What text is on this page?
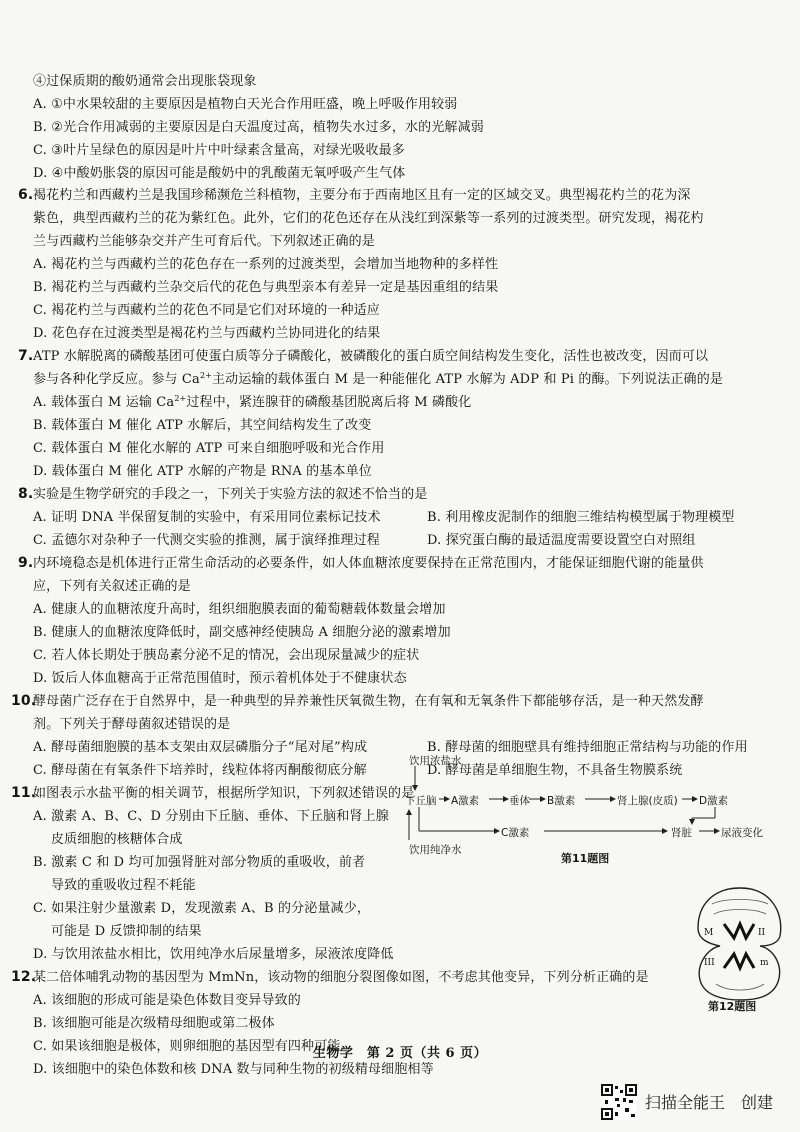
④过保质期的酸奶通常会出现胀袋现象
A. ①中水果较甜的主要原因是植物白天光合作用旺盛，晚上呼吸作用较弱
B. ②光合作用减弱的主要原因是白天温度过高，植物失水过多，水的光解减弱
C. ③叶片呈绿色的原因是叶片中叶绿素含量高，对绿光吸收最多
D. ④中酸奶胀袋的原因可能是酸奶中的乳酸菌无氧呼吸产生气体
6. 褐花杓兰和西藏杓兰是我国珍稀濒危兰科植物，主要分布于西南地区且有一定的区域交叉。典型褐花杓兰的花为深
紫色，典型西藏杓兰的花为紫红色。此外，它们的花色还存在从浅红到深紫等一系列的过渡类型。研究发现，褐花杓
兰与西藏杓兰能够杂交并产生可育后代。下列叙述正确的是
A. 褐花杓兰与西藏杓兰的花色存在一系列的过渡类型，会增加当地物种的多样性
B. 褐花杓兰与西藏杓兰杂交后代的花色与典型亲本有差异一定是基因重组的结果
C. 褐花杓兰与西藏杓兰的花色不同是它们对环境的一种适应
D. 花色存在过渡类型是褐花杓兰与西藏杓兰协同进化的结果
7. ATP 水解脱离的磷酸基团可使蛋白质等分子磷酸化，被磷酸化的蛋白质空间结构发生变化，活性也被改变，因而可以
参与各种化学反应。参与 $Ca^{2+}$主动运输的载体蛋白 M 是一种能催化 ATP 水解为 ADP 和 Pi 的酶。下列说法正确的是
A. 载体蛋白 M 运输 $Ca^{2+}$过程中，紧连腺苷的磷酸基团脱离后将 M 磷酸化
B. 载体蛋白 M 催化 ATP 水解后，其空间结构发生了改变
C. 载体蛋白 M 催化水解的 ATP 可来自细胞呼吸和光合作用
D. 载体蛋白 M 催化 ATP 水解的产物是 RNA 的基本单位
8. 实验是生物学研究的手段之一，下列关于实验方法的叙述不恰当的是
A. 证明 DNA 半保留复制的实验中，有采用同位素标记技术	B. 利用橡皮泥制作的细胞三维结构模型属于物理模型
C. 孟德尔对杂种子一代测交实验的推测，属于演绎推理过程	D. 探究蛋白酶的最适温度需要设置空白对照组
9. 内环境稳态是机体进行正常生命活动的必要条件，如人体血糖浓度要保持在正常范围内，才能保证细胞代谢的能量供
应，下列有关叙述正确的是
A. 健康人的血糖浓度升高时，组织细胞膜表面的葡萄糖载体数量会增加
B. 健康人的血糖浓度降低时，副交感神经使胰岛 A 细胞分泌的激素增加
C. 若人体长期处于胰岛素分泌不足的情况，会出现尿量减少的症状
D. 饭后人体血糖高于正常范围值时，预示着机体处于不健康状态
10.
酵母菌广泛存在于自然界中，是一种典型的异养兼性厌氧微生物，在有氧和无氧条件下都能够存活，是一种天然发酵
剂。下列关于酵母菌叙述错误的是
A. 酵母菌细胞膜的基本支架由双层磷脂分子“尾对尾”构成	B. 酵母菌的细胞壁具有维持细胞正常结构与功能的作用
C. 酵母菌在有氧条件下培养时，线粒体将丙酮酸彻底分解	D. 酵母菌是单细胞生物，不具备生物膜系统
11.
如图表示水盐平衡的相关调节，根据所学知识，下列叙述错误的是
A. 激素 A、B、C、D 分别由下丘脑、垂体、下丘脑和肾上腺
皮质细胞的核糖体合成
B. 激素 C 和 D 均可加强肾脏对部分物质的重吸收，前者
导致的重吸收过程不耗能
C. 如果注射少量激素 D，发现激素 A、B 的分泌量减少，
可能是 D 反馈抑制的结果
D. 与饮用浓盐水相比，饮用纯净水后尿量增多，尿液浓度降低
饮用浓盐水
下丘脑 A激素	垂体 B激素	肾上腺(皮质) D激素
C激素	肾脏	尿液变化
饮用纯净水
第11题图
12.
某二倍体哺乳动物的基因型为 MmNn，该动物的细胞分裂图像如图，不考虑其他变异，下列分析正确的是
A. 该细胞的形成可能是染色体数目变异导致的
B. 该细胞可能是次级精母细胞或第二极体
C. 如果该细胞是极体，则卵细胞的基因型有四种可能
D. 该细胞中的染色体数和核 DNA 数与同种生物的初级精母细胞相等
M	II
III	m
第12题图
生物学　第 2 页（共 6 页）
扫描全能王　创建
